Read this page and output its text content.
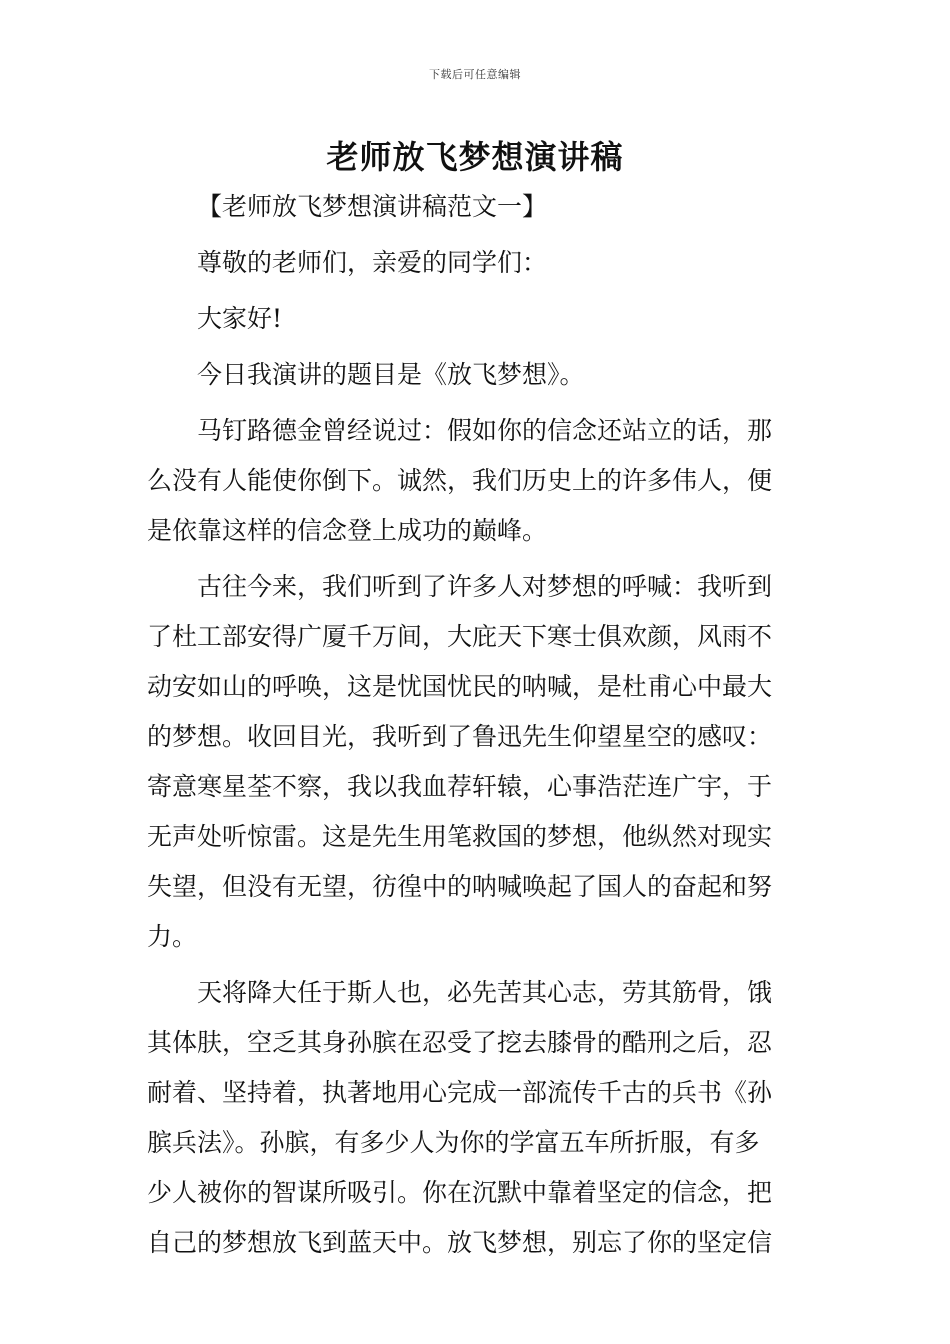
下载后可任意编辑
老师放飞梦想演讲稿
【老师放飞梦想演讲稿范文一】
尊敬的老师们，亲爱的同学们：
大家好!
今日我演讲的题目是《放飞梦想》。
马钉路德金曾经说过：假如你的信念还站立的话，那
么没有人能使你倒下。诚然，我们历史上的许多伟人，便
是依靠这样的信念登上成功的巅峰。
古往今来，我们听到了许多人对梦想的呼喊：我听到
了杜工部安得广厦千万间，大庇天下寒士俱欢颜，风雨不
动安如山的呼唤，这是忧国忧民的呐喊，是杜甫心中最大
的梦想。收回目光，我听到了鲁迅先生仰望星空的感叹：
寄意寒星荃不察，我以我血荐轩辕，心事浩茫连广宇，于
无声处听惊雷。这是先生用笔救国的梦想，他纵然对现实
失望，但没有无望，彷徨中的呐喊唤起了国人的奋起和努
力。
天将降大任于斯人也，必先苦其心志，劳其筋骨，饿
其体肤，空乏其身孙膑在忍受了挖去膝骨的酷刑之后，忍
耐着、坚持着，执著地用心完成一部流传千古的兵书《孙
膑兵法》。孙膑，有多少人为你的学富五车所折服，有多
少人被你的智谋所吸引。你在沉默中靠着坚定的信念，把
自己的梦想放飞到蓝天中。放飞梦想，别忘了你的坚定信
